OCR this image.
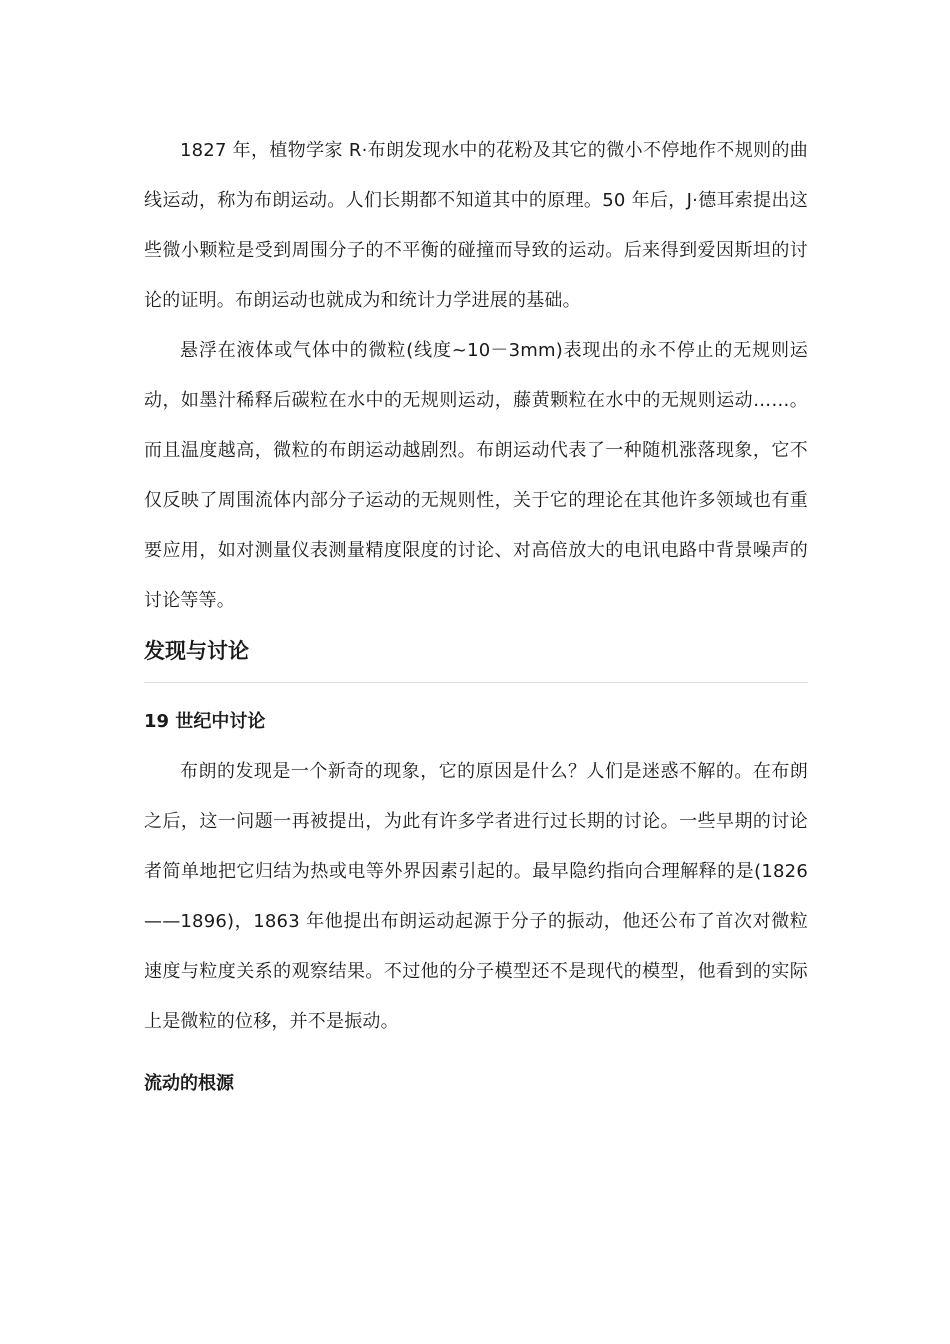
1827 年，植物学家 R·布朗发现水中的花粉及其它的微小不停地作不规则的曲线运动，称为布朗运动。人们长期都不知道其中的原理。50 年后，J·德耳索提出这些微小颗粒是受到周围分子的不平衡的碰撞而导致的运动。后来得到爱因斯坦的讨论的证明。布朗运动也就成为和统计力学进展的基础。

悬浮在液体或气体中的微粒(线度~10－3mm)表现出的永不停止的无规则运动，如墨汁稀释后碳粒在水中的无规则运动，藤黄颗粒在水中的无规则运动……。而且温度越高，微粒的布朗运动越剧烈。布朗运动代表了一种随机涨落现象，它不仅反映了周围流体内部分子运动的无规则性，关于它的理论在其他许多领域也有重要应用，如对测量仪表测量精度限度的讨论、对高倍放大的电讯电路中背景噪声的讨论等等。

发现与讨论
19 世纪中讨论

布朗的发现是一个新奇的现象，它的原因是什么？人们是迷惑不解的。在布朗之后，这一问题一再被提出，为此有许多学者进行过长期的讨论。一些早期的讨论者简单地把它归结为热或电等外界因素引起的。最早隐约指向合理解释的是(1826——1896)，1863 年他提出布朗运动起源于分子的振动，他还公布了首次对微粒速度与粒度关系的观察结果。不过他的分子模型还不是现代的模型，他看到的实际上是微粒的位移，并不是振动。

流动的根源
